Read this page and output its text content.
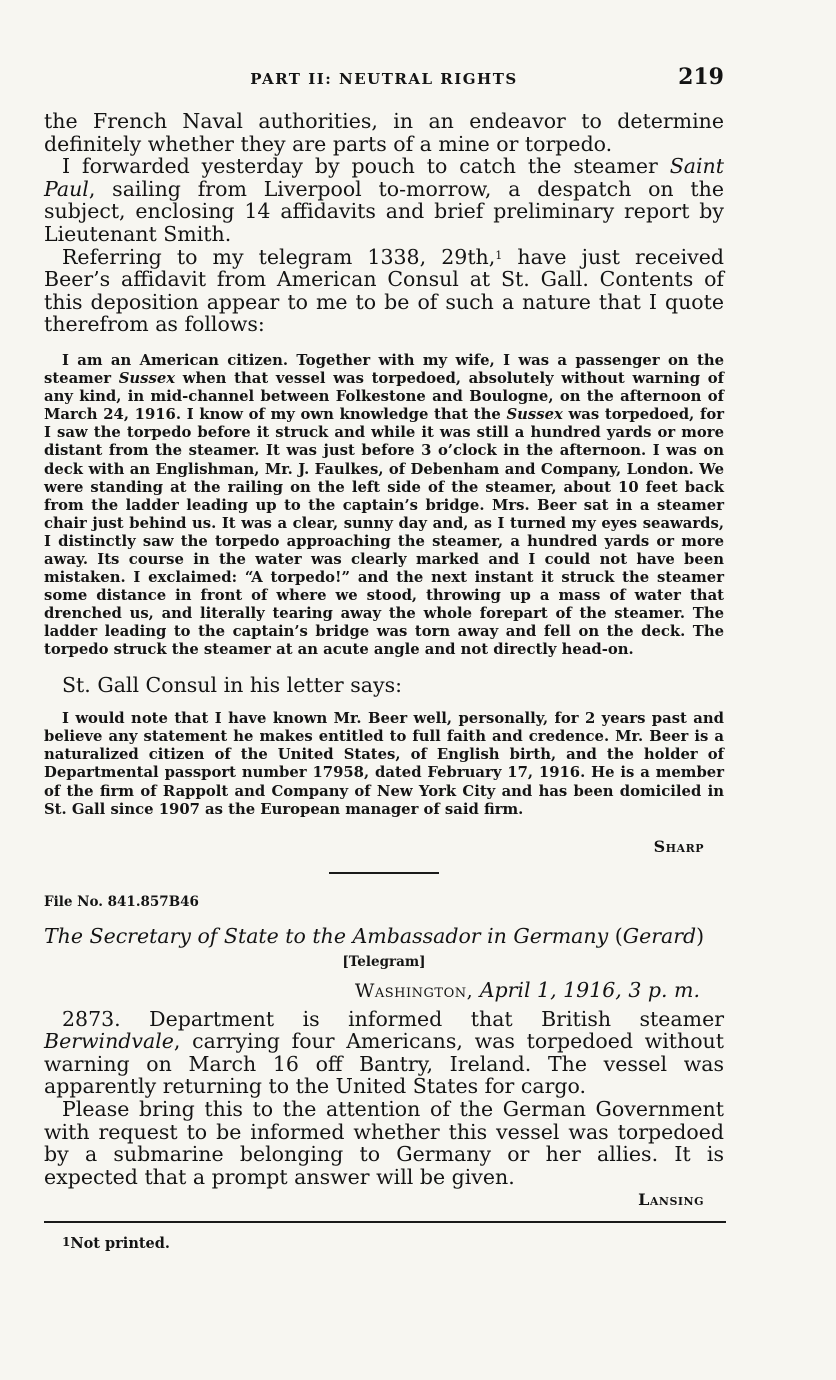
PART II: NEUTRAL RIGHTS	219

the French Naval authorities, in an endeavor to determine definitely whether they are parts of a mine or torpedo.

I forwarded yesterday by pouch to catch the steamer Saint Paul, sailing from Liverpool to-morrow, a despatch on the subject, enclosing 14 affidavits and brief preliminary report by Lieutenant Smith.

Referring to my telegram 1338, 29th,$^1$ have just received Beer’s affidavit from American Consul at St. Gall. Contents of this deposition appear to me to be of such a nature that I quote therefrom as follows:

I am an American citizen. Together with my wife, I was a passenger on the steamer Sussex when that vessel was torpedoed, absolutely without warning of any kind, in mid-channel between Folkestone and Boulogne, on the afternoon of March 24, 1916. I know of my own knowledge that the Sussex was torpedoed, for I saw the torpedo before it struck and while it was still a hundred yards or more distant from the steamer. It was just before 3 o’clock in the afternoon. I was on deck with an Englishman, Mr. J. Faulkes, of Debenham and Company, London. We were standing at the railing on the left side of the steamer, about 10 feet back from the ladder leading up to the captain’s bridge. Mrs. Beer sat in a steamer chair just behind us. It was a clear, sunny day and, as I turned my eyes seawards, I distinctly saw the torpedo approaching the steamer, a hundred yards or more away. Its course in the water was clearly marked and I could not have been mistaken. I exclaimed: “A torpedo!” and the next instant it struck the steamer some distance in front of where we stood, throwing up a mass of water that drenched us, and literally tearing away the whole forepart of the steamer. The ladder leading to the captain’s bridge was torn away and fell on the deck. The torpedo struck the steamer at an acute angle and not directly head-on.

St. Gall Consul in his letter says:

I would note that I have known Mr. Beer well, personally, for 2 years past and believe any statement he makes entitled to full faith and credence. Mr. Beer is a naturalized citizen of the United States, of English birth, and the holder of Departmental passport number 17958, dated February 17, 1916. He is a member of the firm of Rappolt and Company of New York City and has been domiciled in St. Gall since 1907 as the European manager of said firm.

Sharp

File No. 841.857B46

The Secretary of State to the Ambassador in Germany (Gerard)

[Telegram]

Washington, April 1, 1916, 3 p. m.

2873. Department is informed that British steamer Berwindvale, carrying four Americans, was torpedoed without warning on March 16 off Bantry, Ireland. The vessel was apparently returning to the United States for cargo.

Please bring this to the attention of the German Government with request to be informed whether this vessel was torpedoed by a submarine belonging to Germany or her allies. It is expected that a prompt answer will be given.

Lansing

$^1$Not printed.
